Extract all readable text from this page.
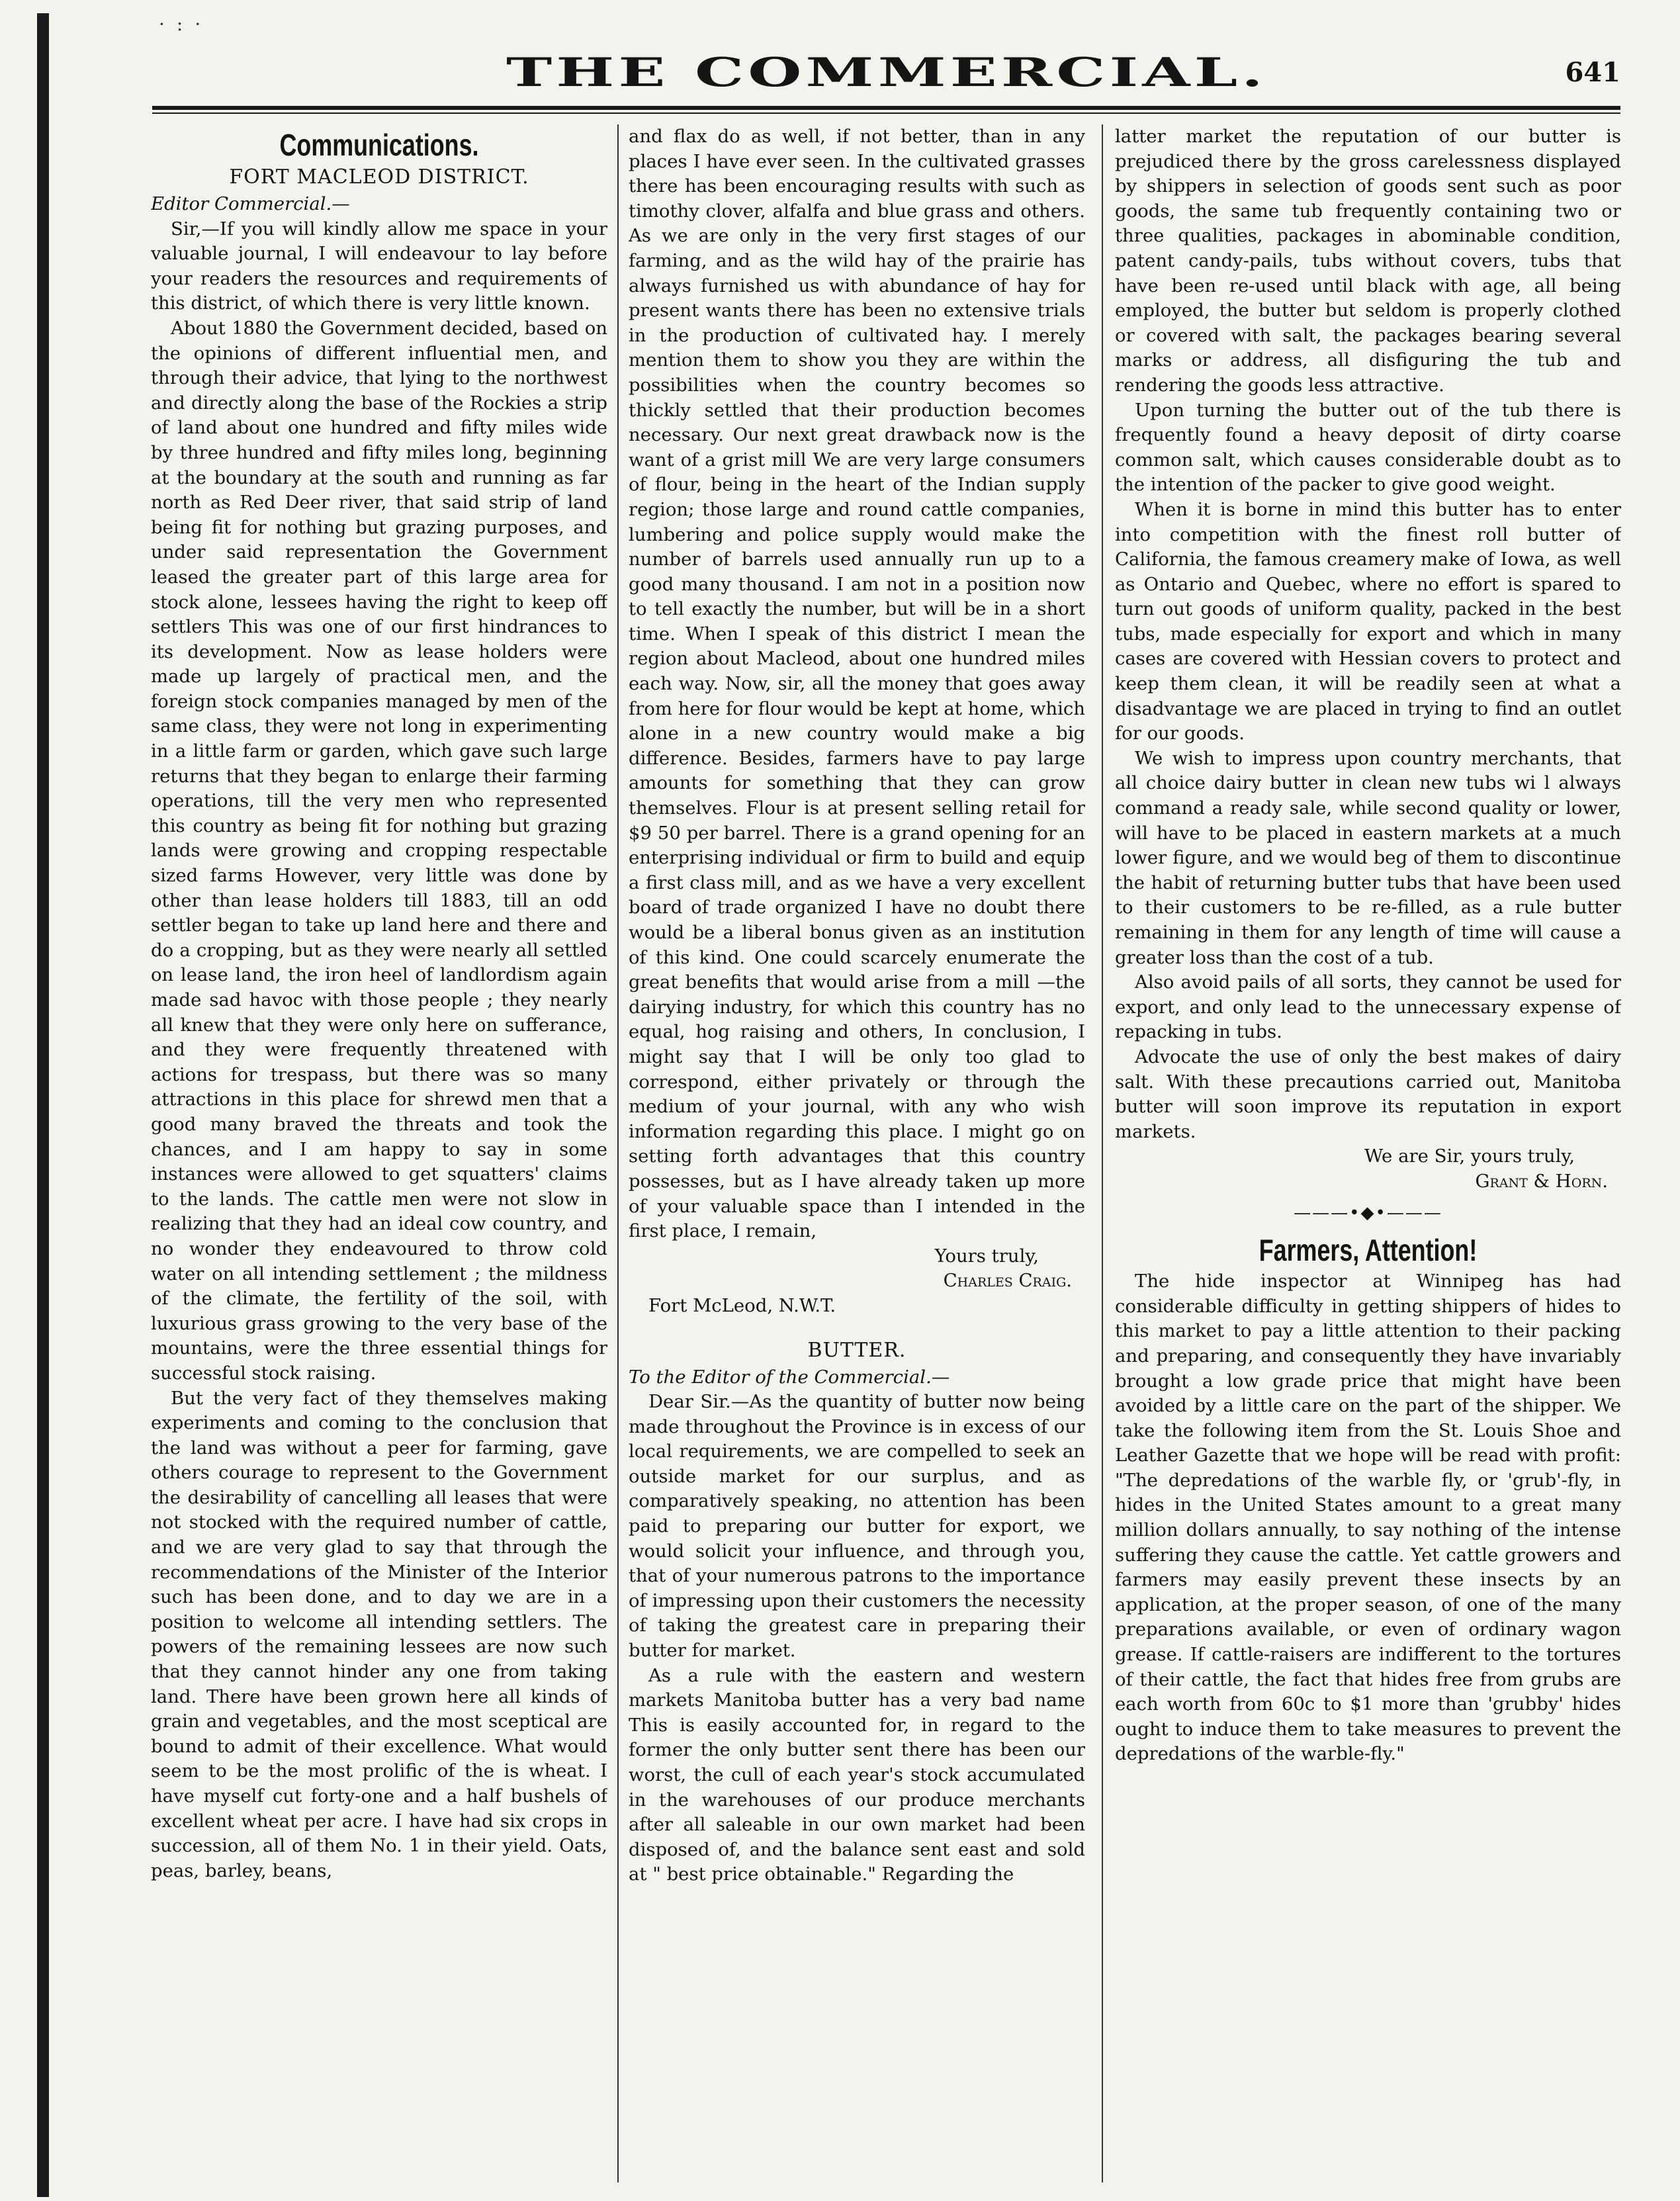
·:·
THE COMMERCIAL.	641
Communications.
FORT MACLEOD DISTRICT.

Editor Commercial.—

Sir,—If you will kindly allow me space in your valuable journal, I will endeavour to lay before your readers the resources and requirements of this district, of which there is very little known.

About 1880 the Government decided, based on the opinions of different influential men, and through their advice, that lying to the northwest and directly along the base of the Rockies a strip of land about one hundred and fifty miles wide by three hundred and fifty miles long, beginning at the boundary at the south and running as far north as Red Deer river, that said strip of land being fit for nothing but grazing purposes, and under said representation the Government leased the greater part of this large area for stock alone, lessees having the right to keep off settlers This was one of our first hindrances to its development. Now as lease holders were made up largely of practical men, and the foreign stock companies managed by men of the same class, they were not long in experimenting in a little farm or garden, which gave such large returns that they began to enlarge their farming operations, till the very men who represented this country as being fit for nothing but grazing lands were growing and cropping respectable sized farms However, very little was done by other than lease holders till 1883, till an odd settler began to take up land here and there and do a cropping, but as they were nearly all settled on lease land, the iron heel of landlordism again made sad havoc with those people ; they nearly all knew that they were only here on sufferance, and they were frequently threatened with actions for trespass, but there was so many attractions in this place for shrewd men that a good many braved the threats and took the chances, and I am happy to say in some instances were allowed to get squatters' claims to the lands. The cattle men were not slow in realizing that they had an ideal cow country, and no wonder they endeavoured to throw cold water on all intending settlement ; the mildness of the climate, the fertility of the soil, with luxurious grass growing to the very base of the mountains, were the three essential things for successful stock raising.

But the very fact of they themselves making experiments and coming to the conclusion that the land was without a peer for farming, gave others courage to represent to the Government the desirability of cancelling all leases that were not stocked with the required number of cattle, and we are very glad to say that through the recommendations of the Minister of the Interior such has been done, and to day we are in a position to welcome all intending settlers. The powers of the remaining lessees are now such that they cannot hinder any one from taking land. There have been grown here all kinds of grain and vegetables, and the most sceptical are bound to admit of their excellence. What would seem to be the most prolific of the is wheat. I have myself cut forty-one and a half bushels of excellent wheat per acre. I have had six crops in succession, all of them No. 1 in their yield. Oats, peas, barley, beans,

and flax do as well, if not better, than in any places I have ever seen. In the cultivated grasses there has been encouraging results with such as timothy clover, alfalfa and blue grass and others. As we are only in the very first stages of our farming, and as the wild hay of the prairie has always furnished us with abundance of hay for present wants there has been no extensive trials in the production of cultivated hay. I merely mention them to show you they are within the possibilities when the country becomes so thickly settled that their production becomes necessary. Our next great drawback now is the want of a grist mill We are very large consumers of flour, being in the heart of the Indian supply region; those large and round cattle companies, lumbering and police supply would make the number of barrels used annually run up to a good many thousand. I am not in a position now to tell exactly the number, but will be in a short time. When I speak of this district I mean the region about Macleod, about one hundred miles each way. Now, sir, all the money that goes away from here for flour would be kept at home, which alone in a new country would make a big difference. Besides, farmers have to pay large amounts for something that they can grow themselves. Flour is at present selling retail for $9 50 per barrel. There is a grand opening for an enterprising individual or firm to build and equip a first class mill, and as we have a very excellent board of trade organized I have no doubt there would be a liberal bonus given as an institution of this kind. One could scarcely enumerate the great benefits that would arise from a mill —the dairying industry, for which this country has no equal, hog raising and others, In conclusion, I might say that I will be only too glad to correspond, either privately or through the medium of your journal, with any who wish information regarding this place. I might go on setting forth advantages that this country possesses, but as I have already taken up more of your valuable space than I intended in the first place, I remain,

Yours truly,

Charles Craig.

Fort McLeod, N.W.T.

BUTTER.

To the Editor of the Commercial.—

Dear Sir.—As the quantity of butter now being made throughout the Province is in excess of our local requirements, we are compelled to seek an outside market for our surplus, and as comparatively speaking, no attention has been paid to preparing our butter for export, we would solicit your influence, and through you, that of your numerous patrons to the importance of impressing upon their customers the necessity of taking the greatest care in preparing their butter for market.

As a rule with the eastern and western markets Manitoba butter has a very bad name This is easily accounted for, in regard to the former the only butter sent there has been our worst, the cull of each year's stock accumulated in the warehouses of our produce merchants after all saleable in our own market had been disposed of, and the balance sent east and sold at " best price obtainable." Regarding the

latter market the reputation of our butter is prejudiced there by the gross carelessness displayed by shippers in selection of goods sent such as poor goods, the same tub frequently containing two or three qualities, packages in abominable condition, patent candy-pails, tubs without covers, tubs that have been re-used until black with age, all being employed, the butter but seldom is properly clothed or covered with salt, the packages bearing several marks or address, all disfiguring the tub and rendering the goods less attractive.

Upon turning the butter out of the tub there is frequently found a heavy deposit of dirty coarse common salt, which causes considerable doubt as to the intention of the packer to give good weight.

When it is borne in mind this butter has to enter into competition with the finest roll butter of California, the famous creamery make of Iowa, as well as Ontario and Quebec, where no effort is spared to turn out goods of uniform quality, packed in the best tubs, made especially for export and which in many cases are covered with Hessian covers to protect and keep them clean, it will be readily seen at what a disadvantage we are placed in trying to find an outlet for our goods.

We wish to impress upon country merchants, that all choice dairy butter in clean new tubs wi l always command a ready sale, while second quality or lower, will have to be placed in eastern markets at a much lower figure, and we would beg of them to discontinue the habit of returning butter tubs that have been used to their customers to be re-filled, as a rule butter remaining in them for any length of time will cause a greater loss than the cost of a tub.

Also avoid pails of all sorts, they cannot be used for export, and only lead to the unnecessary expense of repacking in tubs.

Advocate the use of only the best makes of dairy salt. With these precautions carried out, Manitoba butter will soon improve its reputation in export markets.

We are Sir, yours truly,

Grant & Horn.

———•◆•———
Farmers, Attention!

The hide inspector at Winnipeg has had considerable difficulty in getting shippers of hides to this market to pay a little attention to their packing and preparing, and consequently they have invariably brought a low grade price that might have been avoided by a little care on the part of the shipper. We take the following item from the St. Louis Shoe and Leather Gazette that we hope will be read with profit: "The depredations of the warble fly, or 'grub'-fly, in hides in the United States amount to a great many million dollars annually, to say nothing of the intense suffering they cause the cattle. Yet cattle growers and farmers may easily prevent these insects by an application, at the proper season, of one of the many preparations available, or even of ordinary wagon grease. If cattle-raisers are indifferent to the tortures of their cattle, the fact that hides free from grubs are each worth from 60c to $1 more than 'grubby' hides ought to induce them to take measures to prevent the depredations of the warble-fly."
